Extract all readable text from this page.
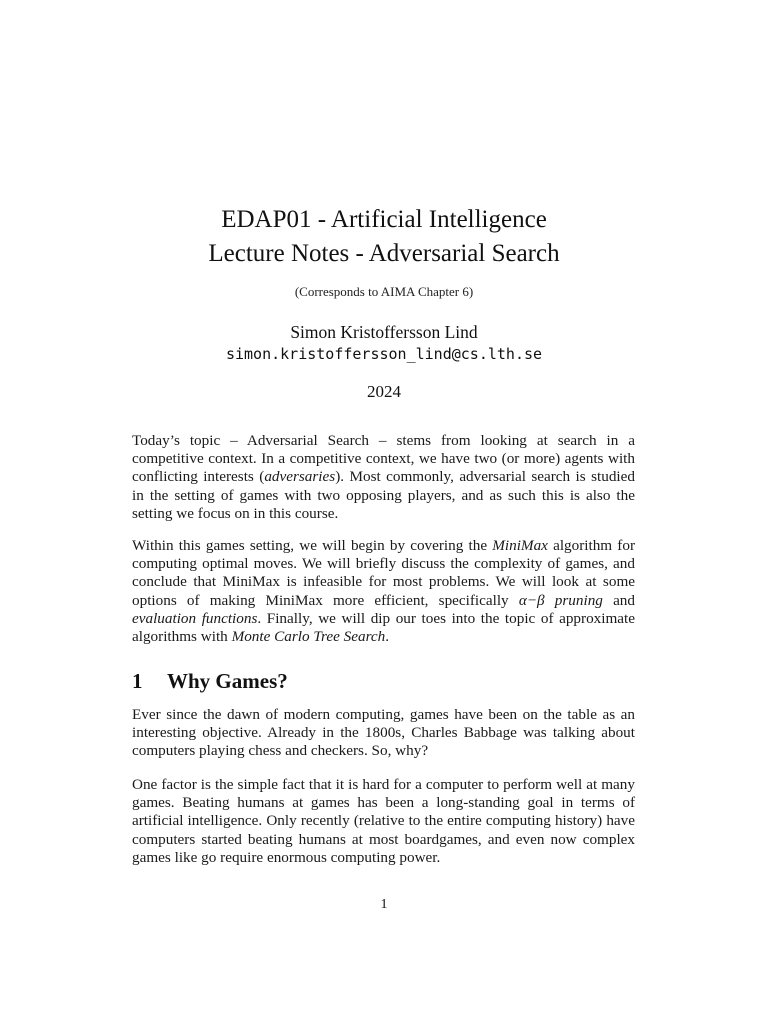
EDAP01 - Artificial Intelligence
Lecture Notes - Adversarial Search
(Corresponds to AIMA Chapter 6)
Simon Kristoffersson Lind
simon.kristoffersson_lind@cs.lth.se
2024

Today’s topic – Adversarial Search – stems from looking at search in a competitive context. In a competitive context, we have two (or more) agents with conflicting interests (adversaries). Most commonly, adversarial search is studied in the setting of games with two opposing players, and as such this is also the setting we focus on in this course.

Within this games setting, we will begin by covering the MiniMax algorithm for computing optimal moves. We will briefly discuss the complexity of games, and conclude that MiniMax is infeasible for most problems. We will look at some options of making MiniMax more efficient, specifically α−β pruning and evaluation functions. Finally, we will dip our toes into the topic of approximate algorithms with Monte Carlo Tree Search.

1 Why Games?

Ever since the dawn of modern computing, games have been on the table as an interesting objective. Already in the 1800s, Charles Babbage was talking about computers playing chess and checkers. So, why?

One factor is the simple fact that it is hard for a computer to perform well at many games. Beating humans at games has been a long-standing goal in terms of artificial intelligence. Only recently (relative to the entire computing history) have computers started beating humans at most boardgames, and even now complex games like go require enormous computing power.

1
